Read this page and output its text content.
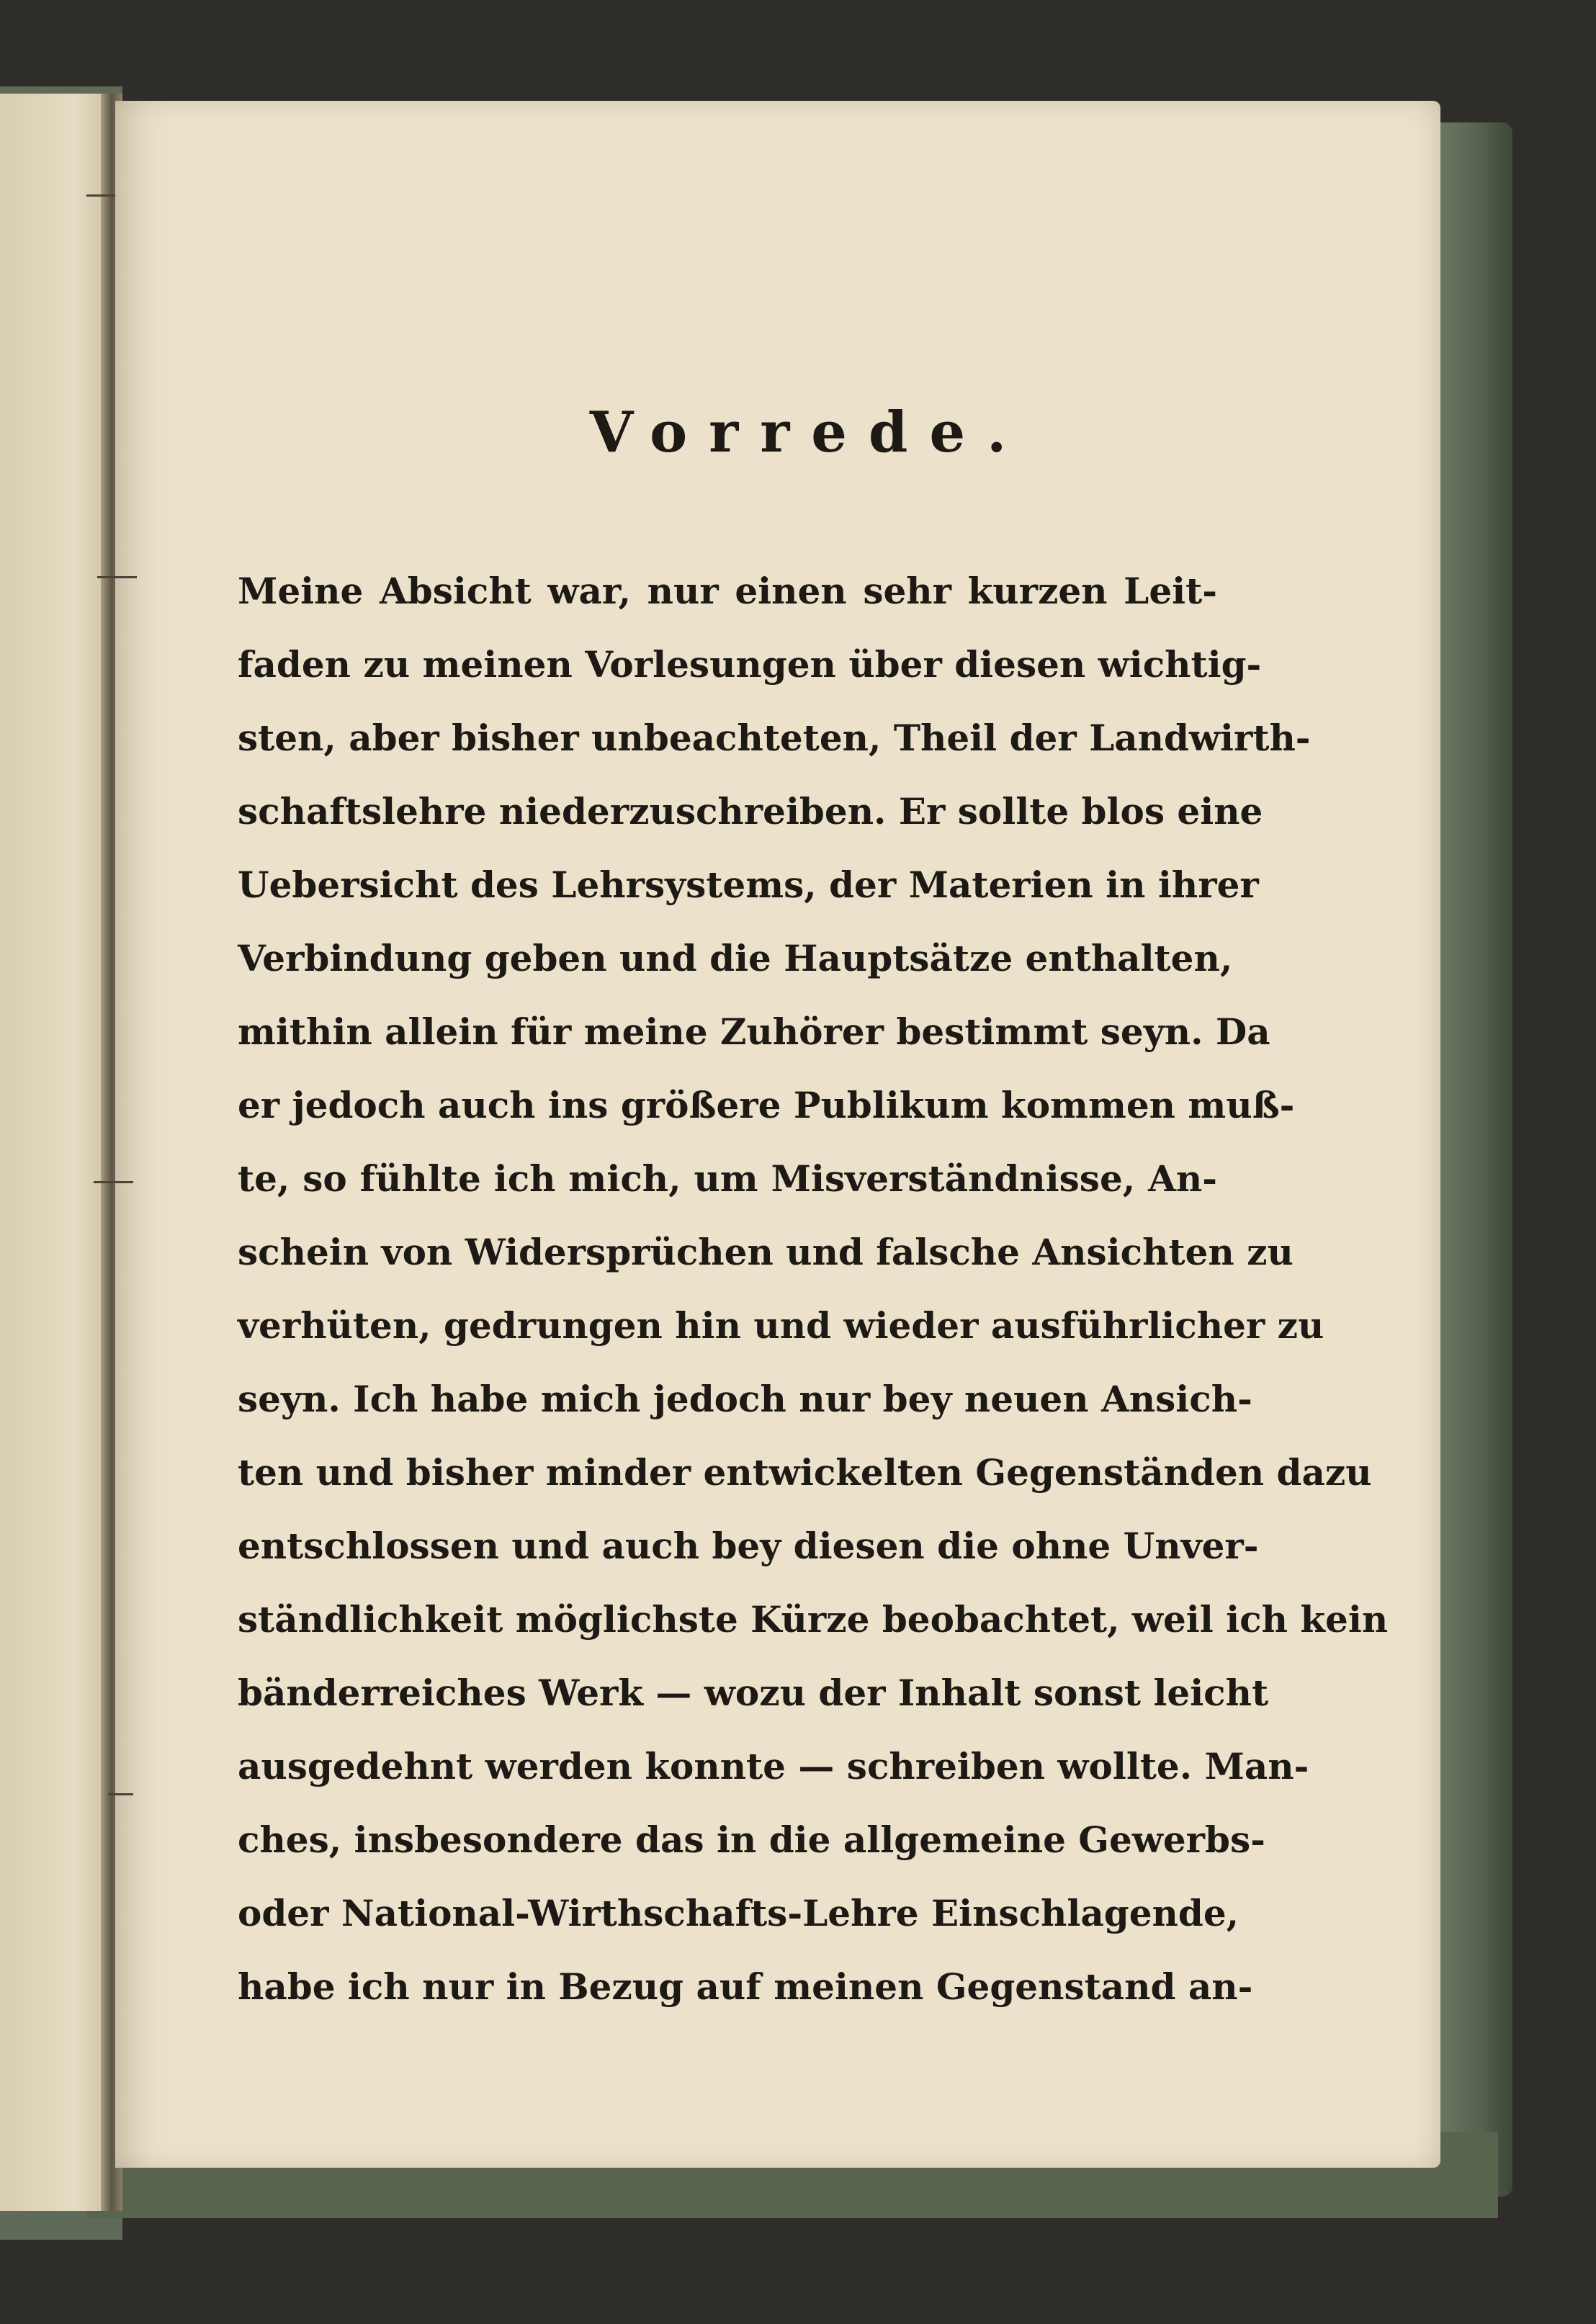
Vorrede.
Meine Absicht war, nur einen sehr kurzen Leit-
faden zu meinen Vorlesungen über diesen wichtig-
sten, aber bisher unbeachteten, Theil der Landwirth-
schaftslehre niederzuschreiben. Er sollte blos eine
Uebersicht des Lehrsystems, der Materien in ihrer
Verbindung geben und die Hauptsätze enthalten,
mithin allein für meine Zuhörer bestimmt seyn. Da
er jedoch auch ins größere Publikum kommen muß-
te, so fühlte ich mich, um Misverständnisse, An-
schein von Widersprüchen und falsche Ansichten zu
verhüten, gedrungen hin und wieder ausführlicher zu
seyn. Ich habe mich jedoch nur bey neuen Ansich-
ten und bisher minder entwickelten Gegenständen dazu
entschlossen und auch bey diesen die ohne Unver-
ständlichkeit möglichste Kürze beobachtet, weil ich kein
bänderreiches Werk — wozu der Inhalt sonst leicht
ausgedehnt werden konnte — schreiben wollte. Man-
ches, insbesondere das in die allgemeine Gewerbs-
oder National-Wirthschafts-Lehre Einschlagende,
habe ich nur in Bezug auf meinen Gegenstand an-
